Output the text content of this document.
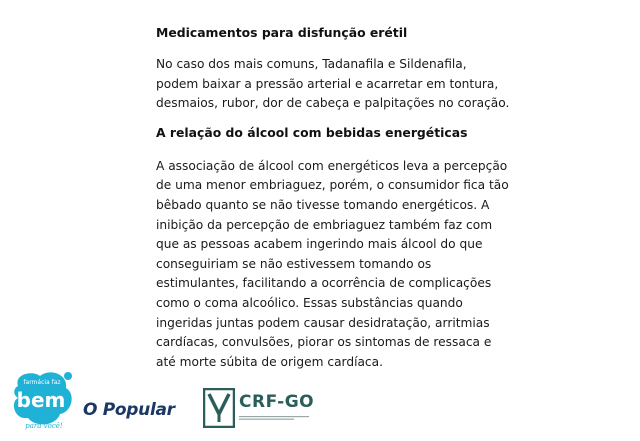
Medicamentos para disfunção erétil

No caso dos mais comuns, Tadanafila e Sildenafila,
podem baixar a pressão arterial e acarretar em tontura,
desmaios, rubor, dor de cabeça e palpitações no coração.

A relação do álcool com bebidas energéticas

A associação de álcool com energéticos leva a percepção
de uma menor embriaguez, porém, o consumidor fica tão
bêbado quanto se não tivesse tomando energéticos. A
inibição da percepção de embriaguez também faz com
que as pessoas acabem ingerindo mais álcool do que
conseguiriam se não estivessem tomando os
estimulantes, facilitando a ocorrência de complicações
como o coma alcoólico. Essas substâncias quando
ingeridas juntas podem causar desidratação, arritmias
cardíacas, convulsões, piorar os sintomas de ressaca e
até morte súbita de origem cardíaca.

farmácia faz
bem
para você!
O Popular	CRF-GO
